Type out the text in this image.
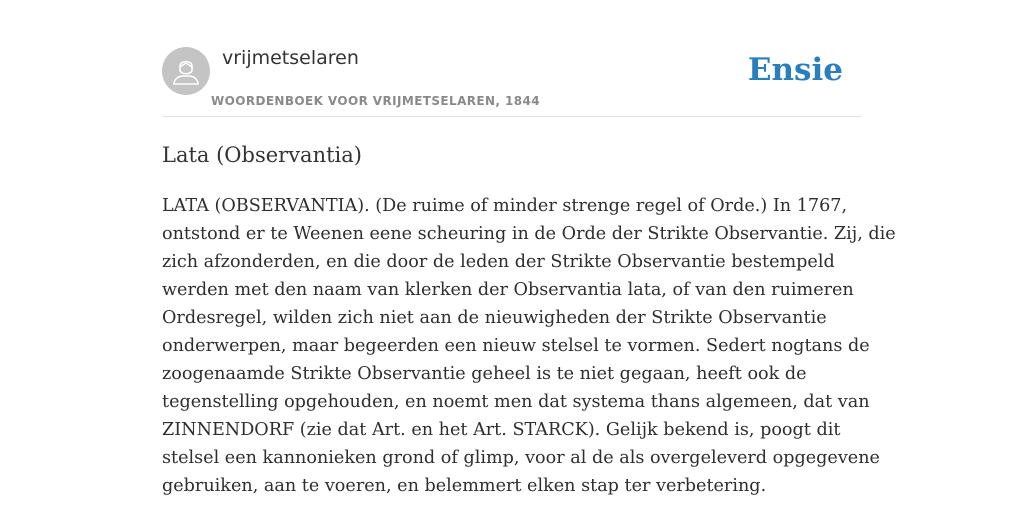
vrijmetselaren
WOORDENBOEK VOOR VRIJMETSELAREN, 1844
Ensie
Lata (Observantia)
LATA (OBSERVANTIA). (De ruime of minder strenge regel of Orde.) In 1767,
ontstond er te Weenen eene scheuring in de Orde der Strikte Observantie. Zij, die
zich afzonderden, en die door de leden der Strikte Observantie bestempeld
werden met den naam van klerken der Observantia lata, of van den ruimeren
Ordesregel, wilden zich niet aan de nieuwigheden der Strikte Observantie
onderwerpen, maar begeerden een nieuw stelsel te vormen. Sedert nogtans de
zoogenaamde Strikte Observantie geheel is te niet gegaan, heeft ook de
tegenstelling opgehouden, en noemt men dat systema thans algemeen, dat van
ZINNENDORF (zie dat Art. en het Art. STARCK). Gelijk bekend is, poogt dit
stelsel een kannonieken grond of glimp, voor al de als overgeleverd opgegevene
gebruiken, aan te voeren, en belemmert elken stap ter verbetering.
